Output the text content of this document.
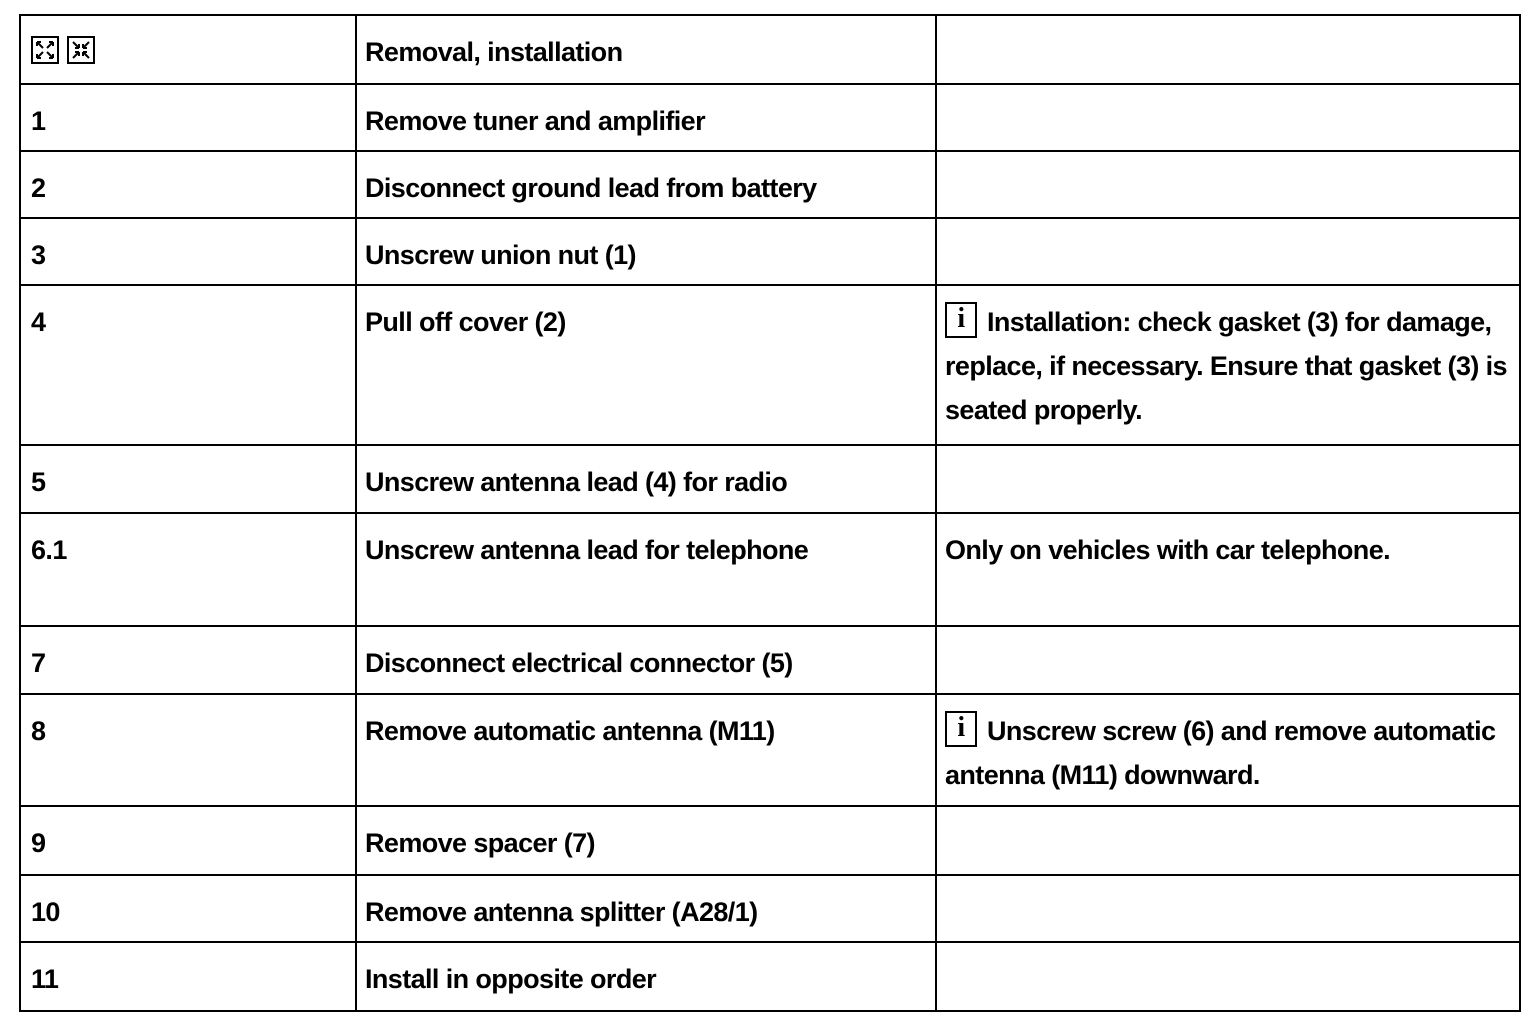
	Removal, installation	
1	Remove tuner and amplifier	
2	Disconnect ground lead from battery	
3	Unscrew union nut (1)	
4	Pull off cover (2)	i Installation: check gasket (3) for damage, replace, if necessary. Ensure that gasket (3) is seated properly.
5	Unscrew antenna lead (4) for radio	
6.1	Unscrew antenna lead for telephone	Only on vehicles with car telephone.
7	Disconnect electrical connector (5)	
8	Remove automatic antenna (M11)	i Unscrew screw (6) and remove automatic antenna (M11) downward.
9	Remove spacer (7)	
10	Remove antenna splitter (A28/1)	
11	Install in opposite order	
